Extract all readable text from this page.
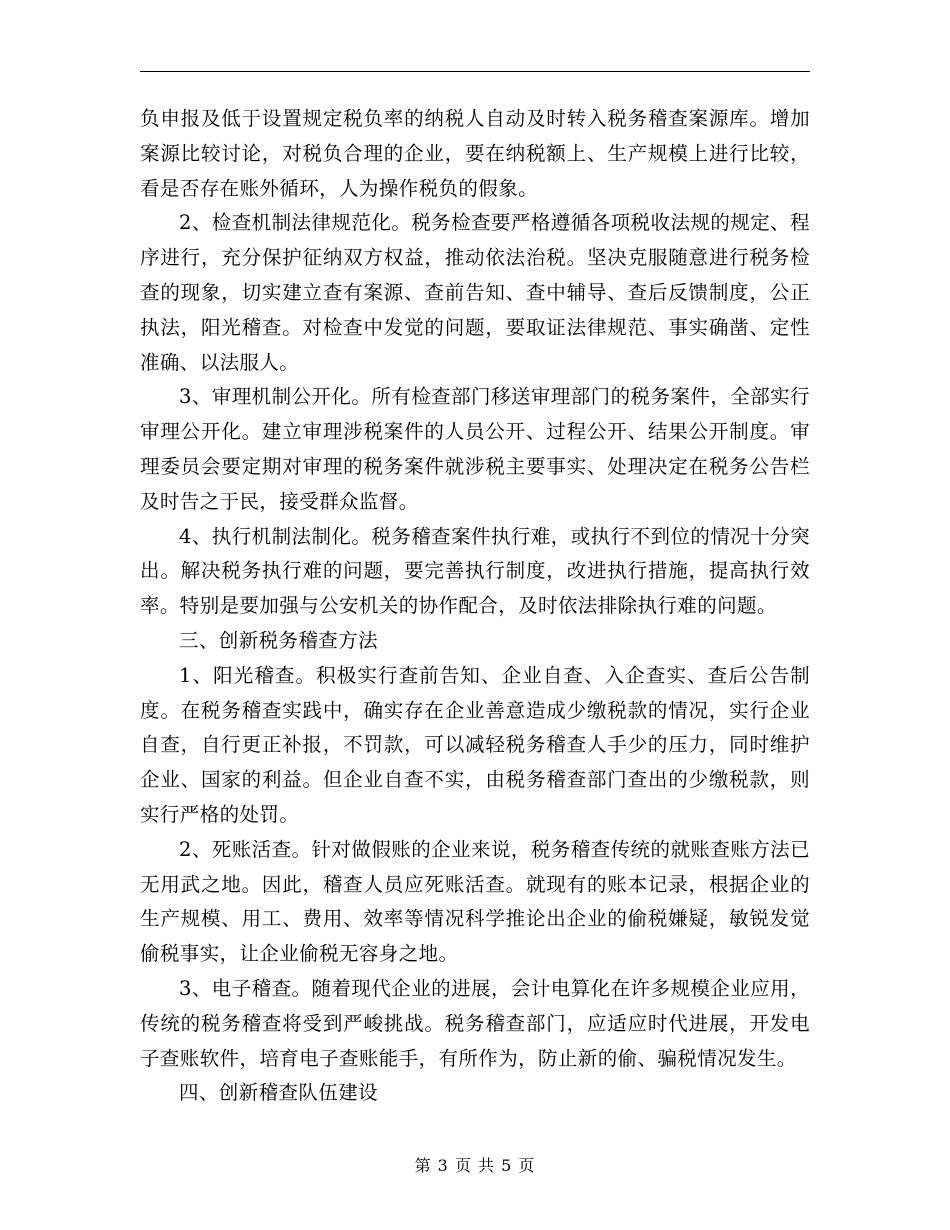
负申报及低于设置规定税负率的纳税人自动及时转入税务稽查案源库。增加案源比较讨论，对税负合理的企业，要在纳税额上、生产规模上进行比较，看是否存在账外循环，人为操作税负的假象。

2、检查机制法律规范化。税务检查要严格遵循各项税收法规的规定、程序进行，充分保护征纳双方权益，推动依法治税。坚决克服随意进行税务检查的现象，切实建立查有案源、查前告知、查中辅导、查后反馈制度，公正执法，阳光稽查。对检查中发觉的问题，要取证法律规范、事实确凿、定性准确、以法服人。

3、审理机制公开化。所有检查部门移送审理部门的税务案件，全部实行审理公开化。建立审理涉税案件的人员公开、过程公开、结果公开制度。审理委员会要定期对审理的税务案件就涉税主要事实、处理决定在税务公告栏及时告之于民，接受群众监督。

4、执行机制法制化。税务稽查案件执行难，或执行不到位的情况十分突出。解决税务执行难的问题，要完善执行制度，改进执行措施，提高执行效率。特别是要加强与公安机关的协作配合，及时依法排除执行难的问题。

三、创新税务稽查方法

1、阳光稽查。积极实行查前告知、企业自查、入企查实、查后公告制度。在税务稽查实践中，确实存在企业善意造成少缴税款的情况，实行企业自查，自行更正补报，不罚款，可以减轻税务稽查人手少的压力，同时维护企业、国家的利益。但企业自查不实，由税务稽查部门查出的少缴税款，则实行严格的处罚。

2、死账活查。针对做假账的企业来说，税务稽查传统的就账查账方法已无用武之地。因此，稽查人员应死账活查。就现有的账本记录，根据企业的生产规模、用工、费用、效率等情况科学推论出企业的偷税嫌疑，敏锐发觉偷税事实，让企业偷税无容身之地。

3、电子稽查。随着现代企业的进展，会计电算化在许多规模企业应用，传统的税务稽查将受到严峻挑战。税务稽查部门，应适应时代进展，开发电子查账软件，培育电子查账能手，有所作为，防止新的偷、骗税情况发生。

四、创新稽查队伍建设

第 3 页 共 5 页
